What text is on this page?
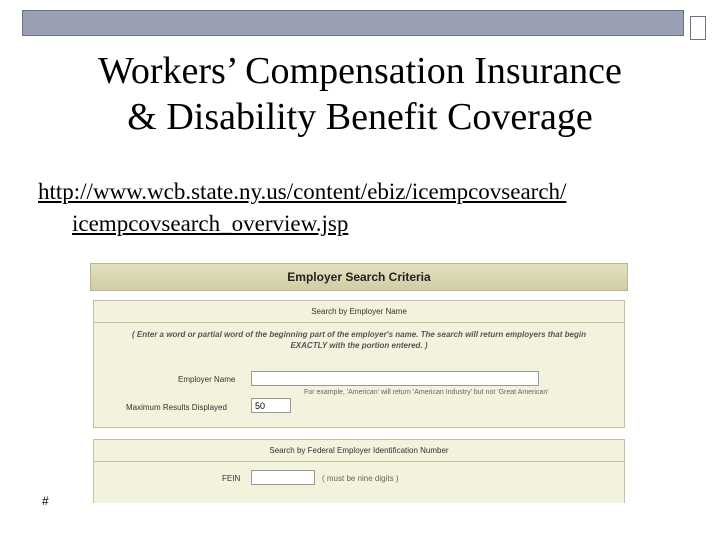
Workers’ Compensation Insurance
& Disability Benefit Coverage
http://www.wcb.state.ny.us/content/ebiz/icempcovsearch/
icempcovsearch_overview.jsp
Employer Search Criteria
Search by Employer Name
( Enter a word or partial word of the beginning part of the employer's name. The search will return employers that begin EXACTLY with the portion entered. )
Employer Name
For example, 'American' will return 'American Industry' but not 'Great American'
Maximum Results Displayed	50
Search by Federal Employer Identification Number
FEIN	( must be nine digits )
#
